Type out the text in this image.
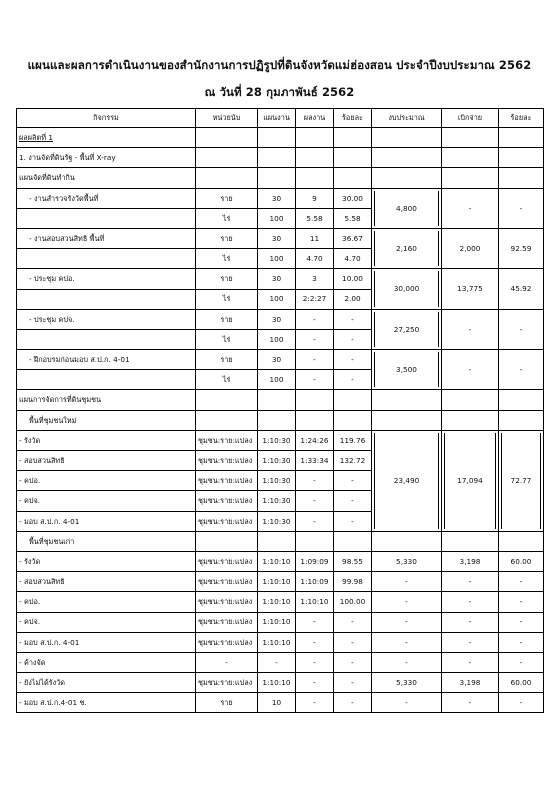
แผนและผลการดำเนินงานของสำนักงานการปฏิรูปที่ดินจังหวัดแม่ฮ่องสอน ประจำปีงบประมาณ 2562
ณ วันที่ 28 กุมภาพันธ์ 2562
กิจกรรม	หน่วยนับ	แผนงาน	ผลงาน	ร้อยละ	งบประมาณ	เบิกจ่าย	ร้อยละ
ผลผลิตที่ 1							
1. งานจัดที่ดินรัฐ - พื้นที่ X-ray							
แผนจัดที่ดินทำกิน							
- งานสำรวจรังวัดพื้นที่	ราย	30	9	30.00	4,800	-	-
	ไร่	100	5.58	5.58			
- งานสอบสวนสิทธิ พื้นที่	ราย	30	11	36.67	2,160	2,000	92.59
	ไร่	100	4.70	4.70			
- ประชุม คปอ.	ราย	30	3	10.00	30,000	13,775	45.92
	ไร่	100	2:2:27	2.00			
- ประชุม คปจ.	ราย	30	-	-	27,250	-	-
	ไร่	100	-	-			
- ฝึกอบรมก่อนมอบ ส.ป.ก. 4-01	ราย	30	-	-	3,500	-	-
	ไร่	100	-	-			
แผนการจัดการที่ดินชุมชน							
พื้นที่ชุมชนใหม่							
- รังวัด	ชุมชน:ราย:แปลง	1:10:30	1:24:26	119.76	23,490	17,094	72.77

- สอบสวนสิทธิ	ชุมชน:ราย:แปลง	1:10:30	1:33:34	132.72			
- คปอ.	ชุมชน:ราย:แปลง	1:10:30	-	-			
- คปจ.	ชุมชน:ราย:แปลง	1:10:30	-	-			
- มอบ ส.ป.ก. 4-01	ชุมชน:ราย:แปลง	1:10:30	-	-			
พื้นที่ชุมชนเก่า							
- รังวัด	ชุมชน:ราย:แปลง	1:10:10	1:09:09	98.55	5,330	3,198	60.00
- สอบสวนสิทธิ	ชุมชน:ราย:แปลง	1:10:10	1:10:09	99.98	-	-	-
- คปอ.	ชุมชน:ราย:แปลง	1:10:10	1:10:10	100.00	-	-	-
- คปจ.	ชุมชน:ราย:แปลง	1:10:10	-	-	-	-	-
- มอบ ส.ป.ก. 4-01	ชุมชน:ราย:แปลง	1:10:10	-	-	-	-	-
- ค้างจัด	-	-	-	-	-	-	-
- ยังไม่ได้รังวัด	ชุมชน:ราย:แปลง	1:10:10	-	-	5,330	3,198	60.00
- มอบ ส.ป.ก.4-01 ช.	ราย	10	-	-	-	-	-
